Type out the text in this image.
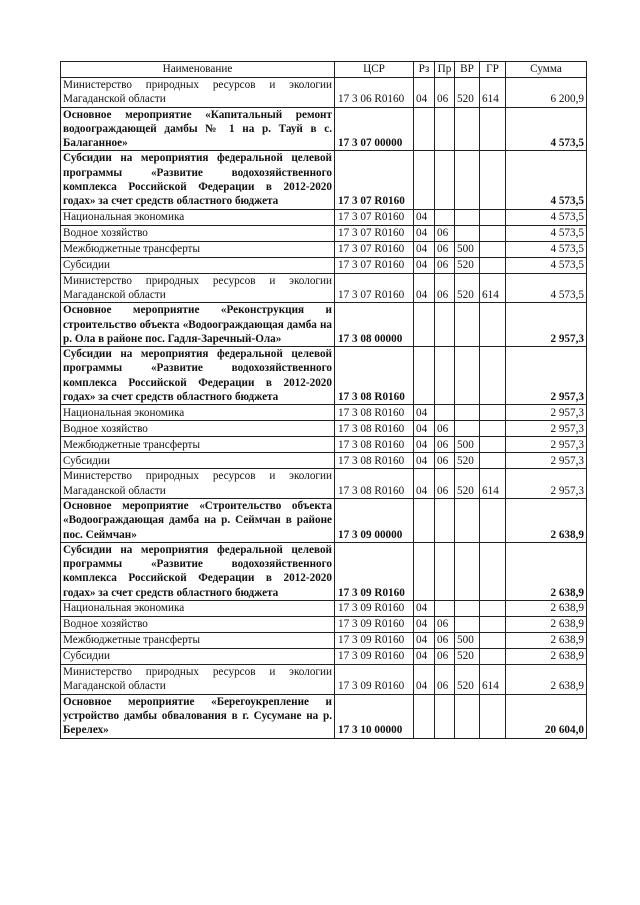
Наименование	ЦСР	Рз	Пр	ВР	ГР	Сумма
Министерство природных ресурсов и экологии Магаданской области	17 3 06 R0160	04	06	520	614	6 200,9
Основное мероприятие «Капитальный ремонт водоограждающей дамбы № 1 на р. Тауй в с. Балаганное»	17 3 07 00000					4 573,5
Субсидии на мероприятия федеральной целевой программы «Развитие водохозяйственного комплекса Российской Федерации в 2012-2020 годах» за счет средств областного бюджета	17 3 07 R0160					4 573,5
Национальная экономика	17 3 07 R0160	04				4 573,5
Водное хозяйство	17 3 07 R0160	04	06			4 573,5
Межбюджетные трансферты	17 3 07 R0160	04	06	500		4 573,5
Субсидии	17 3 07 R0160	04	06	520		4 573,5
Министерство природных ресурсов и экологии Магаданской области	17 3 07 R0160	04	06	520	614	4 573,5
Основное мероприятие «Реконструкция и строительство объекта «Водоограждающая дамба на р. Ола в районе пос. Гадля-Заречный-Ола»	17 3 08 00000					2 957,3
Субсидии на мероприятия федеральной целевой программы «Развитие водохозяйственного комплекса Российской Федерации в 2012-2020 годах» за счет средств областного бюджета	17 3 08 R0160					2 957,3
Национальная экономика	17 3 08 R0160	04				2 957,3
Водное хозяйство	17 3 08 R0160	04	06			2 957,3
Межбюджетные трансферты	17 3 08 R0160	04	06	500		2 957,3
Субсидии	17 3 08 R0160	04	06	520		2 957,3
Министерство природных ресурсов и экологии Магаданской области	17 3 08 R0160	04	06	520	614	2 957,3
Основное мероприятие «Строительство объекта «Водоограждающая дамба на р. Сеймчан в районе пос. Сеймчан»	17 3 09 00000					2 638,9
Субсидии на мероприятия федеральной целевой программы «Развитие водохозяйственного комплекса Российской Федерации в 2012-2020 годах» за счет средств областного бюджета	17 3 09 R0160					2 638,9
Национальная экономика	17 3 09 R0160	04				2 638,9
Водное хозяйство	17 3 09 R0160	04	06			2 638,9
Межбюджетные трансферты	17 3 09 R0160	04	06	500		2 638,9
Субсидии	17 3 09 R0160	04	06	520		2 638,9
Министерство природных ресурсов и экологии Магаданской области	17 3 09 R0160	04	06	520	614	2 638,9
Основное мероприятие «Берегоукрепление и устройство дамбы обвалования в г. Сусумане на р. Берелех»	17 3 10 00000					20 604,0
